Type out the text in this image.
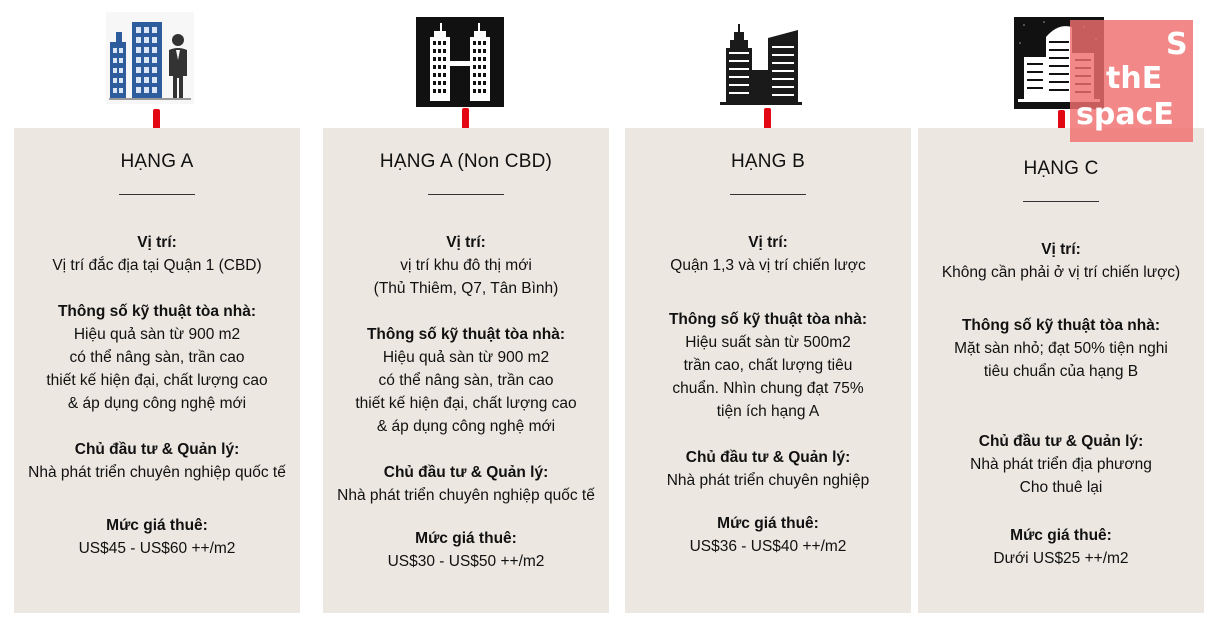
HẠNG A
Vị trí:
Vị trí đắc địa tại Quận 1 (CBD)
Thông số kỹ thuật tòa nhà:
Hiệu quả sàn từ 900 m2
có thể nâng sàn, trần cao
thiết kế hiện đại, chất lượng cao
& áp dụng công nghệ mới
Chủ đầu tư & Quản lý:
Nhà phát triển chuyên nghiệp quốc tế
Mức giá thuê:
US$45 - US$60 ++/m2
HẠNG A (Non CBD)
Vị trí:
vị trí khu đô thị mới
(Thủ Thiêm, Q7, Tân Bình)
Thông số kỹ thuật tòa nhà:
Hiệu quả sàn từ 900 m2
có thể nâng sàn, trần cao
thiết kế hiện đại, chất lượng cao
& áp dụng công nghệ mới
Chủ đầu tư & Quản lý:
Nhà phát triển chuyên nghiệp quốc tế
Mức giá thuê:
US$30 - US$50 ++/m2
HẠNG B
Vị trí:
Quận 1,3 và vị trí chiến lược
Thông số kỹ thuật tòa nhà:
Hiệu suất sàn từ 500m2
trần cao, chất lượng tiêu
chuẩn. Nhìn chung đạt 75%
tiện ích hạng A
Chủ đầu tư & Quản lý:
Nhà phát triển chuyên nghiệp
Mức giá thuê:
US$36 - US$40 ++/m2
HẠNG C
Vị trí:
Không cần phải ở vị trí chiến lược)
Thông số kỹ thuật tòa nhà:
Mặt sàn nhỏ; đạt 50% tiện nghi
tiêu chuẩn của hạng B
Chủ đầu tư & Quản lý:
Nhà phát triển địa phương
Cho thuê lại
Mức giá thuê:
Dưới US$25 ++/m2
S
thE
spacE
